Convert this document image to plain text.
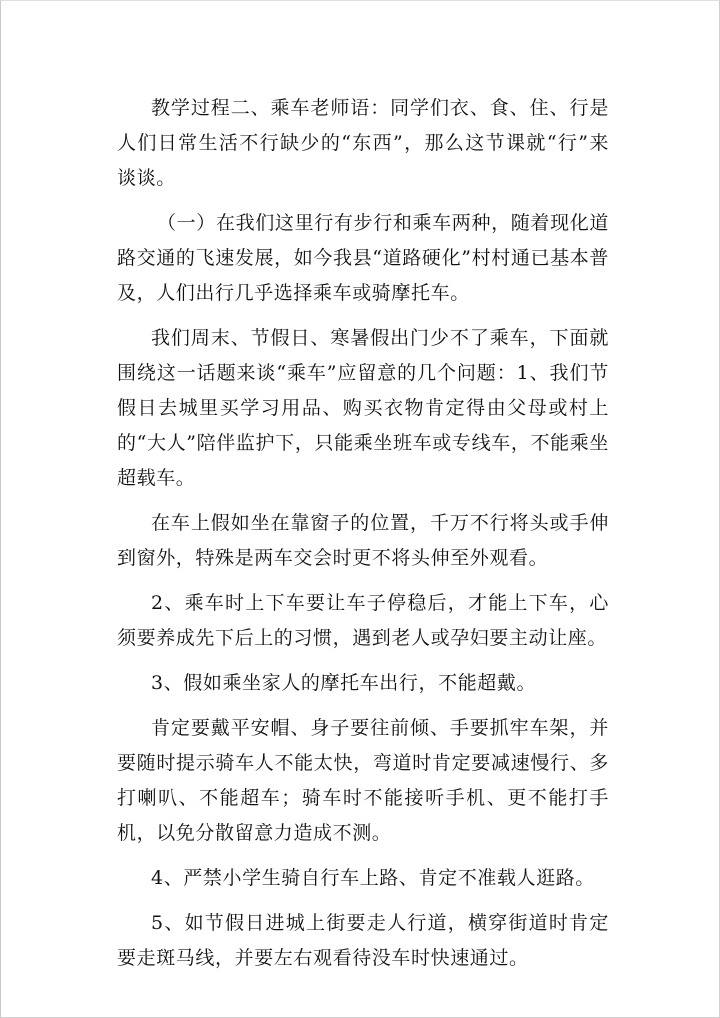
教学过程二、乘车老师语：同学们衣、食、住、行是人们日常生活不行缺少的“东西”，那么这节课就“行”来谈谈。

（一）在我们这里行有步行和乘车两种，随着现化道路交通的飞速发展，如今我县“道路硬化”村村通已基本普及，人们出行几乎选择乘车或骑摩托车。

我们周末、节假日、寒暑假出门少不了乘车，下面就围绕这一话题来谈“乘车”应留意的几个问题：1、我们节假日去城里买学习用品、购买衣物肯定得由父母或村上的“大人”陪伴监护下，只能乘坐班车或专线车，不能乘坐超载车。

在车上假如坐在靠窗子的位置，千万不行将头或手伸到窗外，特殊是两车交会时更不将头伸至外观看。

2、乘车时上下车要让车子停稳后，才能上下车，心须要养成先下后上的习惯，遇到老人或孕妇要主动让座。

3、假如乘坐家人的摩托车出行，不能超戴。

肯定要戴平安帽、身子要往前倾、手要抓牢车架，并要随时提示骑车人不能太快，弯道时肯定要减速慢行、多打喇叭、不能超车；骑车时不能接听手机、更不能打手机，以免分散留意力造成不测。

4、严禁小学生骑自行车上路、肯定不准载人逛路。

5、如节假日进城上街要走人行道，横穿街道时肯定要走斑马线，并要左右观看待没车时快速通过。
